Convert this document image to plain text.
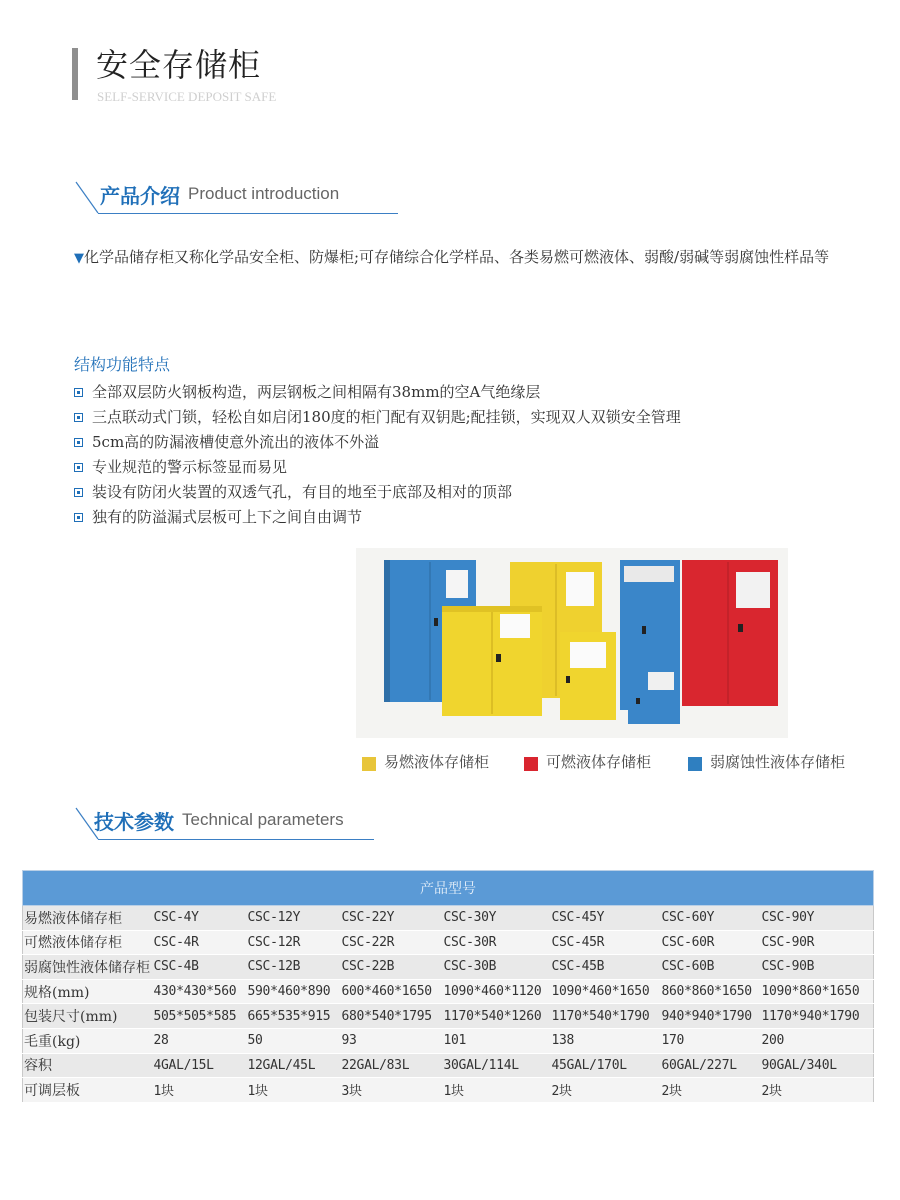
安全存储柜
SELF-SERVICE DEPOSIT SAFE
产品介绍 Product introduction
▼化学品储存柜又称化学品安全柜、防爆柜;可存储综合化学样品、各类易燃可燃液体、弱酸/弱碱等弱腐蚀性样品等
结构功能特点
全部双层防火钢板构造，两层钢板之间相隔有38mm的空A气绝缘层
三点联动式门锁，轻松自如启闭180度的柜门配有双钥匙;配挂锁，实现双人双锁安全管理
5cm高的防漏液槽使意外流出的液体不外溢
专业规范的警示标签显而易见
装设有防闭火装置的双透气孔，有目的地至于底部及相对的顶部
独有的防溢漏式层板可上下之间自由调节
易燃液体存储柜	可燃液体存储柜	弱腐蚀性液体存储柜
技术参数 Technical parameters
产品型号							
易燃液体储存柜	CSC-4Y	CSC-12Y	CSC-22Y	CSC-30Y	CSC-45Y	CSC-60Y	CSC-90Y
可燃液体储存柜	CSC-4R	CSC-12R	CSC-22R	CSC-30R	CSC-45R	CSC-60R	CSC-90R
弱腐蚀性液体储存柜	CSC-4B	CSC-12B	CSC-22B	CSC-30B	CSC-45B	CSC-60B	CSC-90B
规格(mm)	430*430*560	590*460*890	600*460*1650	1090*460*1120	1090*460*1650	860*860*1650	1090*860*1650
包装尺寸(mm)	505*505*585	665*535*915	680*540*1795	1170*540*1260	1170*540*1790	940*940*1790	1170*940*1790
毛重(kg)	28	50	93	101	138	170	200
容积	4GAL/15L	12GAL/45L	22GAL/83L	30GAL/114L	45GAL/170L	60GAL/227L	90GAL/340L
可调层板	1块	1块	3块	1块	2块	2块	2块
